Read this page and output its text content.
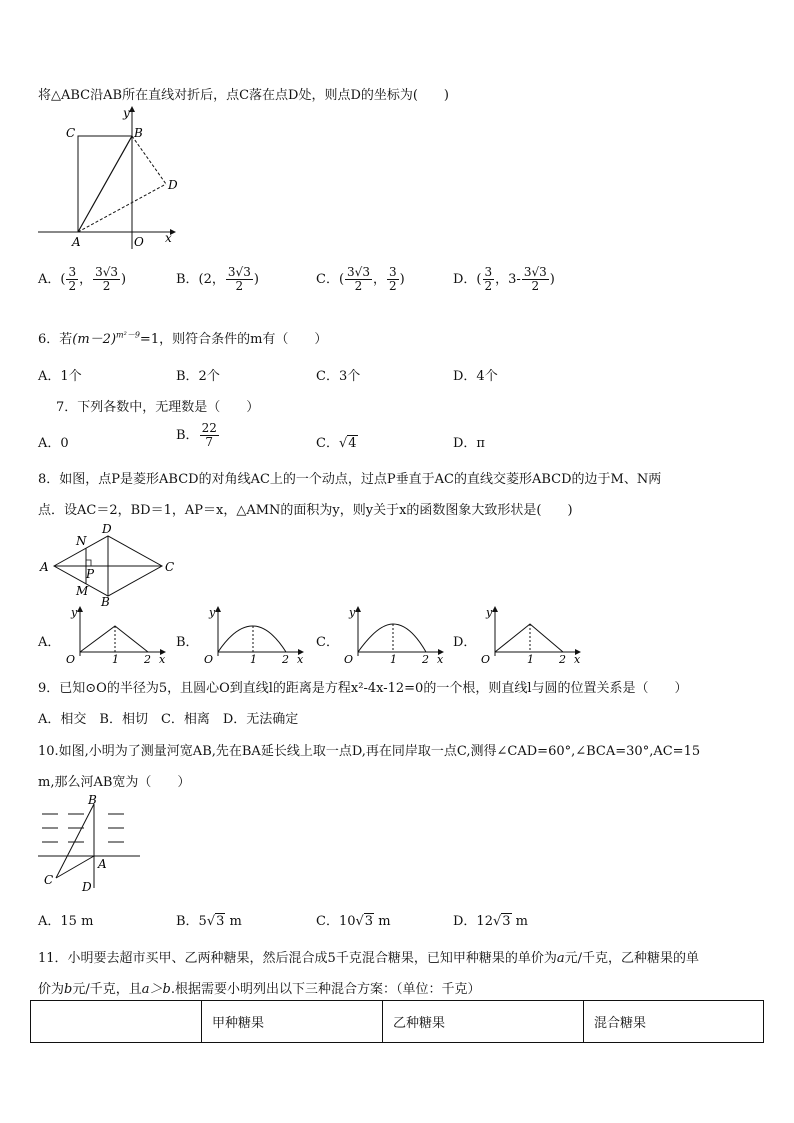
将△ABC沿AB所在直线对折后，点C落在点D处，则点D的坐标为(　　)
C	B
D
A	O x
y
A．( $\frac{3}{2}$ ， $\frac{3√3}{2}$ )	B．(2， $\frac{3√3}{2}$ )	C．( $\frac{3√3}{2}$ ， $\frac{3}{2}$ )	D．( $\frac{3}{2}$ ，$3- \frac{3√3}{2}$ )
6．若$(m-2)^{m^2-9}=1$，则符合条件的m有（　　）
A．1个	B．2个	C．3个	D．4个
7．下列各数中，无理数是（　　）
A．0
B． $\frac{22}{7}$	C．√4	D．π
8．如图，点P是菱形ABCD的对角线AC上的一个动点，过点P垂直于AC的直线交菱形ABCD的边于M、N两
点．设AC＝2，BD＝1，AP＝x，△AMN的面积为y，则y关于x的函数图象大致形状是(　　)
D
N
A	P	C
M
B
A．
y
O	1 2 x
B．
y
O	1 2 x
C．
y
O	1 2 x
D．
y
O	1 2 x
9．已知⊙O的半径为5，且圆心O到直线l的距离是方程x²-4x-12=0的一个根，则直线l与圆的位置关系是（　　）
A．相交　B．相切　C．相离　D．无法确定
10.如图,小明为了测量河宽AB,先在BA延长线上取一点D,再在同岸取一点C,测得∠CAD=60°,∠BCA=30°,AC=15
m,那么河AB宽为（　　）
B
A
C D
A．15 m	B．5√3 m	C．10√3 m	D．12√3 m
11．小明要去超市买甲、乙两种糖果，然后混合成5千克混合糖果，已知甲种糖果的单价为a元/千克，乙种糖果的单
价为b元/千克，且a＞b.根据需要小明列出以下三种混合方案：（单位：千克）
	甲种糖果	乙种糖果	混合糖果
